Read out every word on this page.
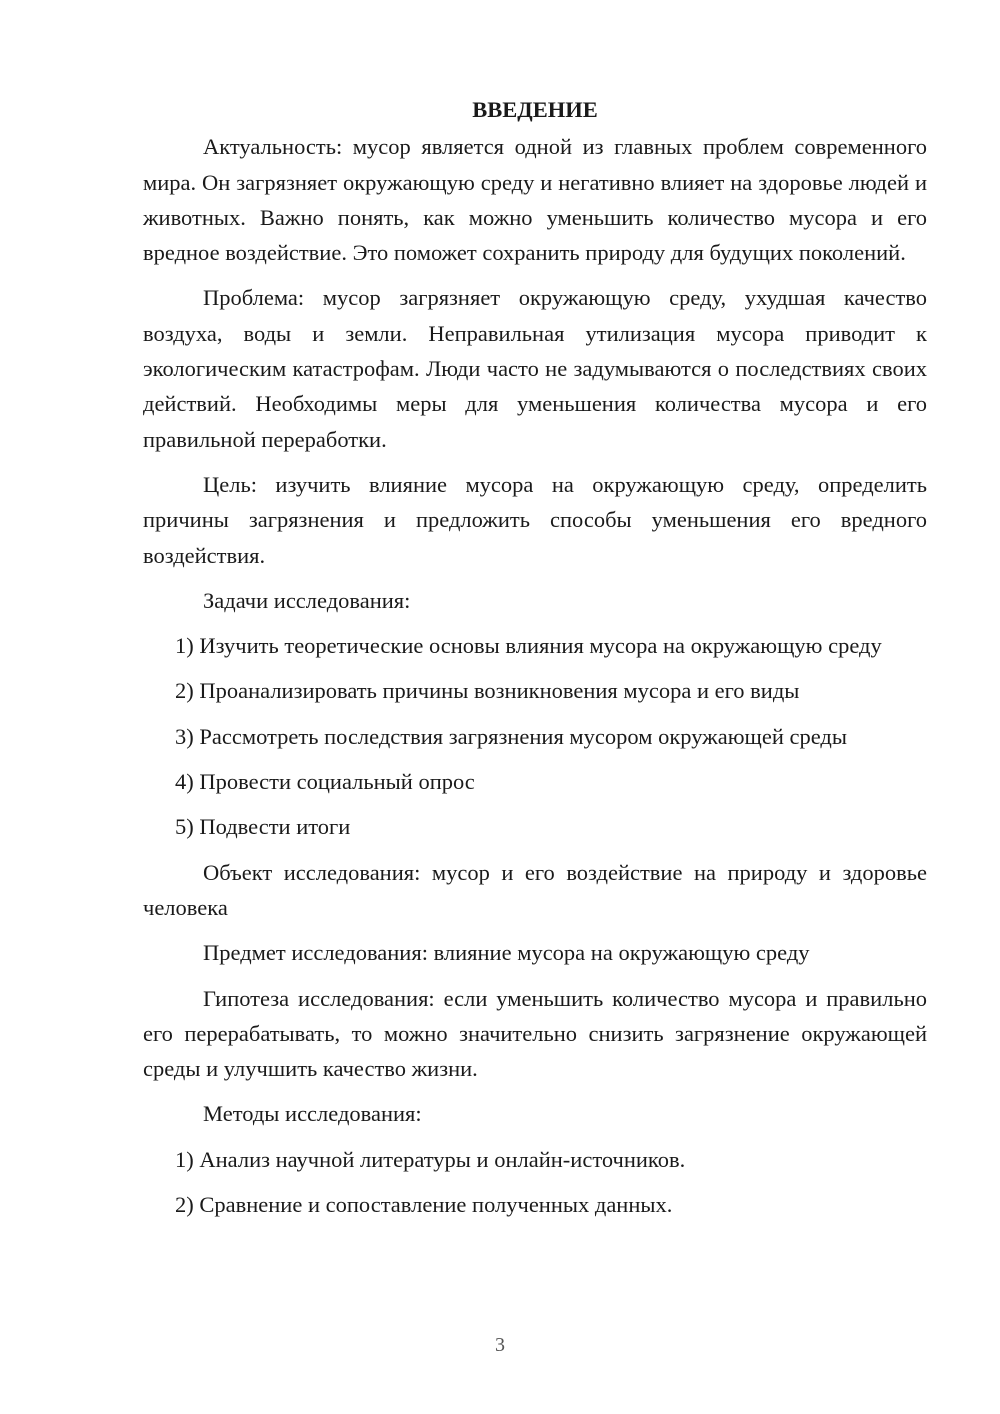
ВВЕДЕНИЕ

Актуальность: мусор является одной из главных проблем современного мира. Он загрязняет окружающую среду и негативно влияет на здоровье людей и животных. Важно понять, как можно уменьшить количество мусора и его вредное воздействие. Это поможет сохранить природу для будущих поколений.

Проблема: мусор загрязняет окружающую среду, ухудшая качество воздуха, воды и земли. Неправильная утилизация мусора приводит к экологическим катастрофам. Люди часто не задумываются о последствиях своих действий. Необходимы меры для уменьшения количества мусора и его правильной переработки.

Цель: изучить влияние мусора на окружающую среду, определить причины загрязнения и предложить способы уменьшения его вредного воздействия.

Задачи исследования:

1) Изучить теоретические основы влияния мусора на окружающую среду

2) Проанализировать причины возникновения мусора и его виды

3) Рассмотреть последствия загрязнения мусором окружающей среды

4) Провести социальный опрос

5) Подвести итоги

Объект исследования: мусор и его воздействие на природу и здоровье человека

Предмет исследования: влияние мусора на окружающую среду

Гипотеза исследования: если уменьшить количество мусора и правильно его перерабатывать, то можно значительно снизить загрязнение окружающей среды и улучшить качество жизни.

Методы исследования:

1) Анализ научной литературы и онлайн-источников.

2) Сравнение и сопоставление полученных данных.

3
